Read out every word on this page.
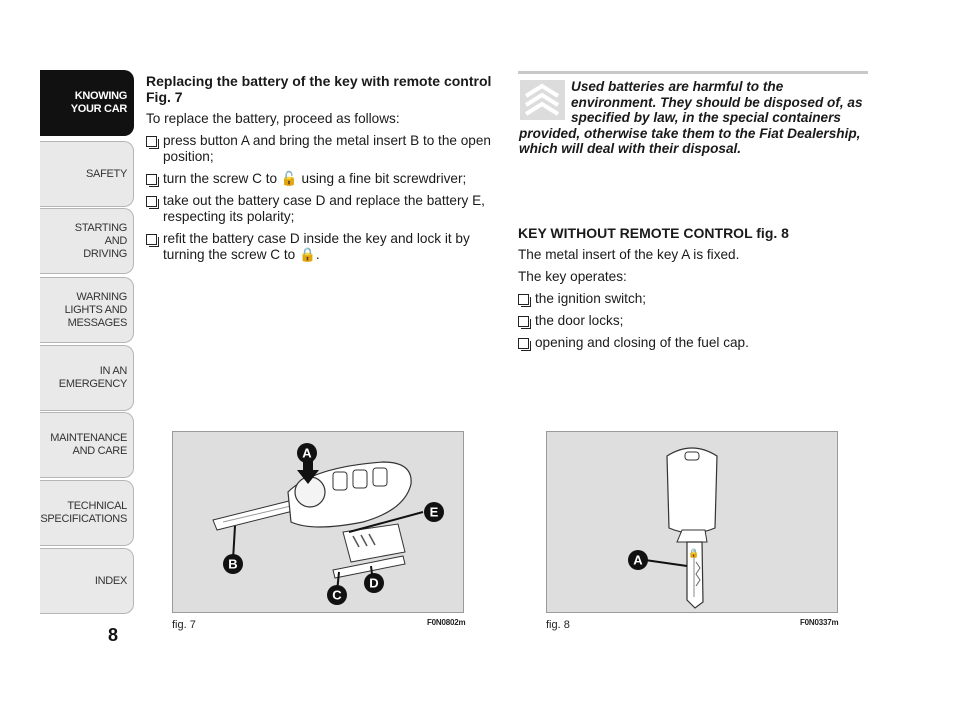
KNOWING
YOUR CAR
SAFETY
STARTING
AND
DRIVING
WARNING
LIGHTS AND
MESSAGES
IN AN
EMERGENCY
MAINTENANCE
AND CARE
TECHNICAL
SPECIFICATIONS
INDEX
8
Replacing the battery of the key with remote control Fig. 7

To replace the battery, proceed as follows:

press button A and bring the metal insert B to the open position;
turn the screw C to 🔓 using a fine bit screwdriver;
take out the battery case D and replace the battery E, respecting its polarity;
refit the battery case D inside the key and lock it by turning the screw C to 🔒.
Used batteries are harmful to the environment. They should be disposed of, as specified by law, in the special containers provided, otherwise take them to the Fiat Dealership, which will deal with their disposal.
KEY WITHOUT REMOTE CONTROL fig. 8

The metal insert of the key A is fixed.

The key operates:

the ignition switch;
the door locks;
opening and closing of the fuel cap.
A
B
C
D
E
fig. 7	F0N0802m
🔒
A
fig. 8	F0N0337m
